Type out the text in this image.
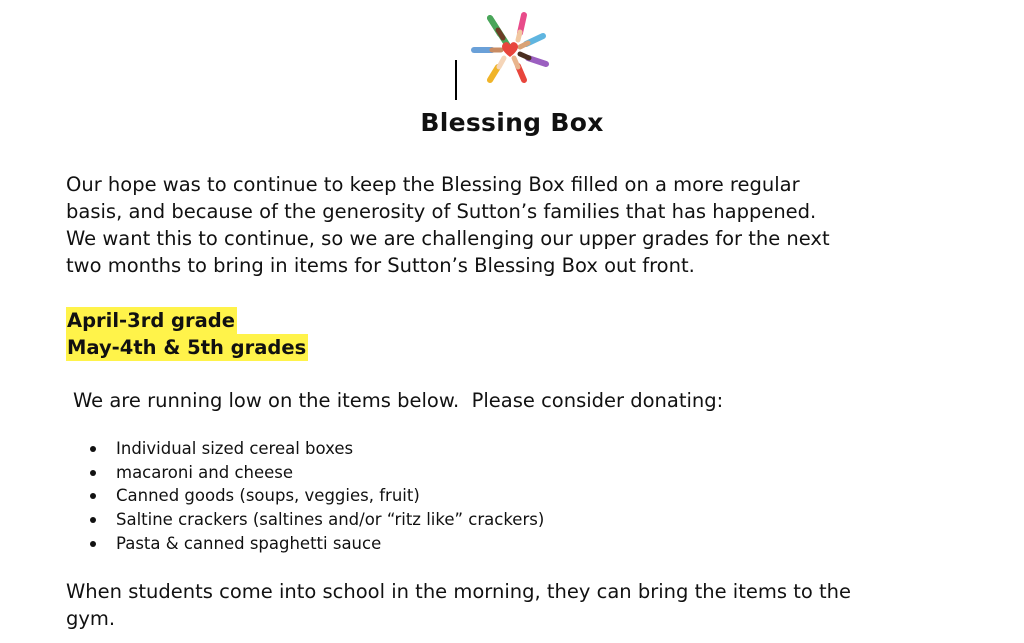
Blessing Box
Our hope was to continue to keep the Blessing Box filled on a more regular
basis, and because of the generosity of Sutton’s families that has happened.
We want this to continue, so we are challenging our upper grades for the next
two months to bring in items for Sutton’s Blessing Box out front.
April-3rd grade
May-4th & 5th grades
We are running low on the items below.  Please consider donating:
Individual sized cereal boxes
macaroni and cheese
Canned goods (soups, veggies, fruit)
Saltine crackers (saltines and/or “ritz like” crackers)
Pasta & canned spaghetti sauce
When students come into school in the morning, they can bring the items to the
gym.
